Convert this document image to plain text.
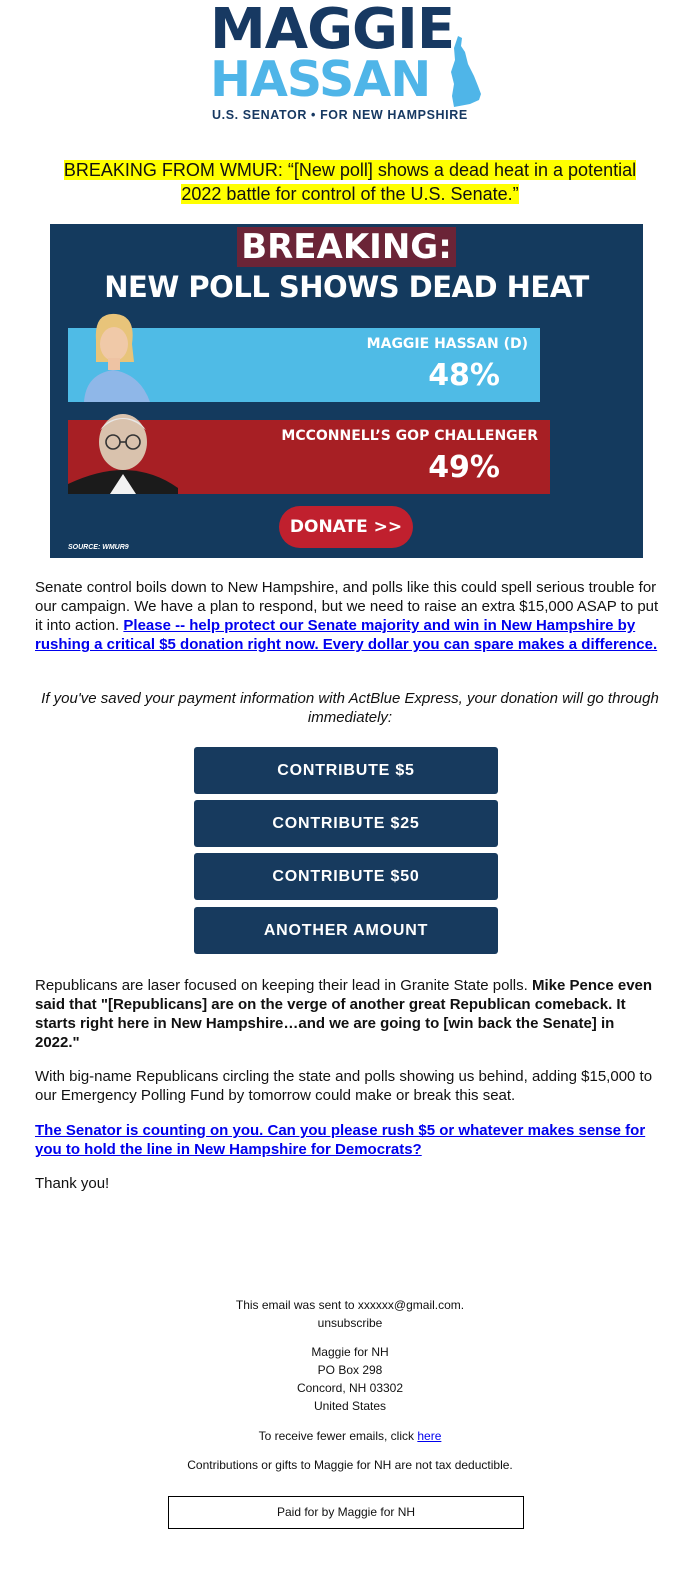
MAGGIE
HASSAN
U.S. SENATOR • FOR NEW HAMPSHIRE
BREAKING FROM WMUR: “[New poll] shows a dead heat in a potential 2022 battle for control of the U.S. Senate.”
BREAKING:
NEW POLL SHOWS DEAD HEAT
MAGGIE HASSAN (D)
48%
MCCONNELL’S GOP CHALLENGER
49%
DONATE >>
SOURCE: WMUR9
Senate control boils down to New Hampshire, and polls like this could spell serious trouble for our campaign. We have a plan to respond, but we need to raise an extra $15,000 ASAP to put it into action. Please -- help protect our Senate majority and win in New Hampshire by rushing a critical $5 donation right now. Every dollar you can spare makes a difference.
If you've saved your payment information with ActBlue Express, your donation will go through immediately:
CONTRIBUTE $5
CONTRIBUTE $25
CONTRIBUTE $50
ANOTHER AMOUNT
Republicans are laser focused on keeping their lead in Granite State polls. Mike Pence even said that "[Republicans] are on the verge of another great Republican comeback. It starts right here in New Hampshire…and we are going to [win back the Senate] in 2022."
With big-name Republicans circling the state and polls showing us behind, adding $15,000 to our Emergency Polling Fund by tomorrow could make or break this seat.
The Senator is counting on you. Can you please rush $5 or whatever makes sense for you to hold the line in New Hampshire for Democrats?
Thank you!
This email was sent to xxxxxx@gmail.com.
unsubscribe
Maggie for NH
PO Box 298
Concord, NH 03302
United States
To receive fewer emails, click here
Contributions or gifts to Maggie for NH are not tax deductible.
Paid for by Maggie for NH
